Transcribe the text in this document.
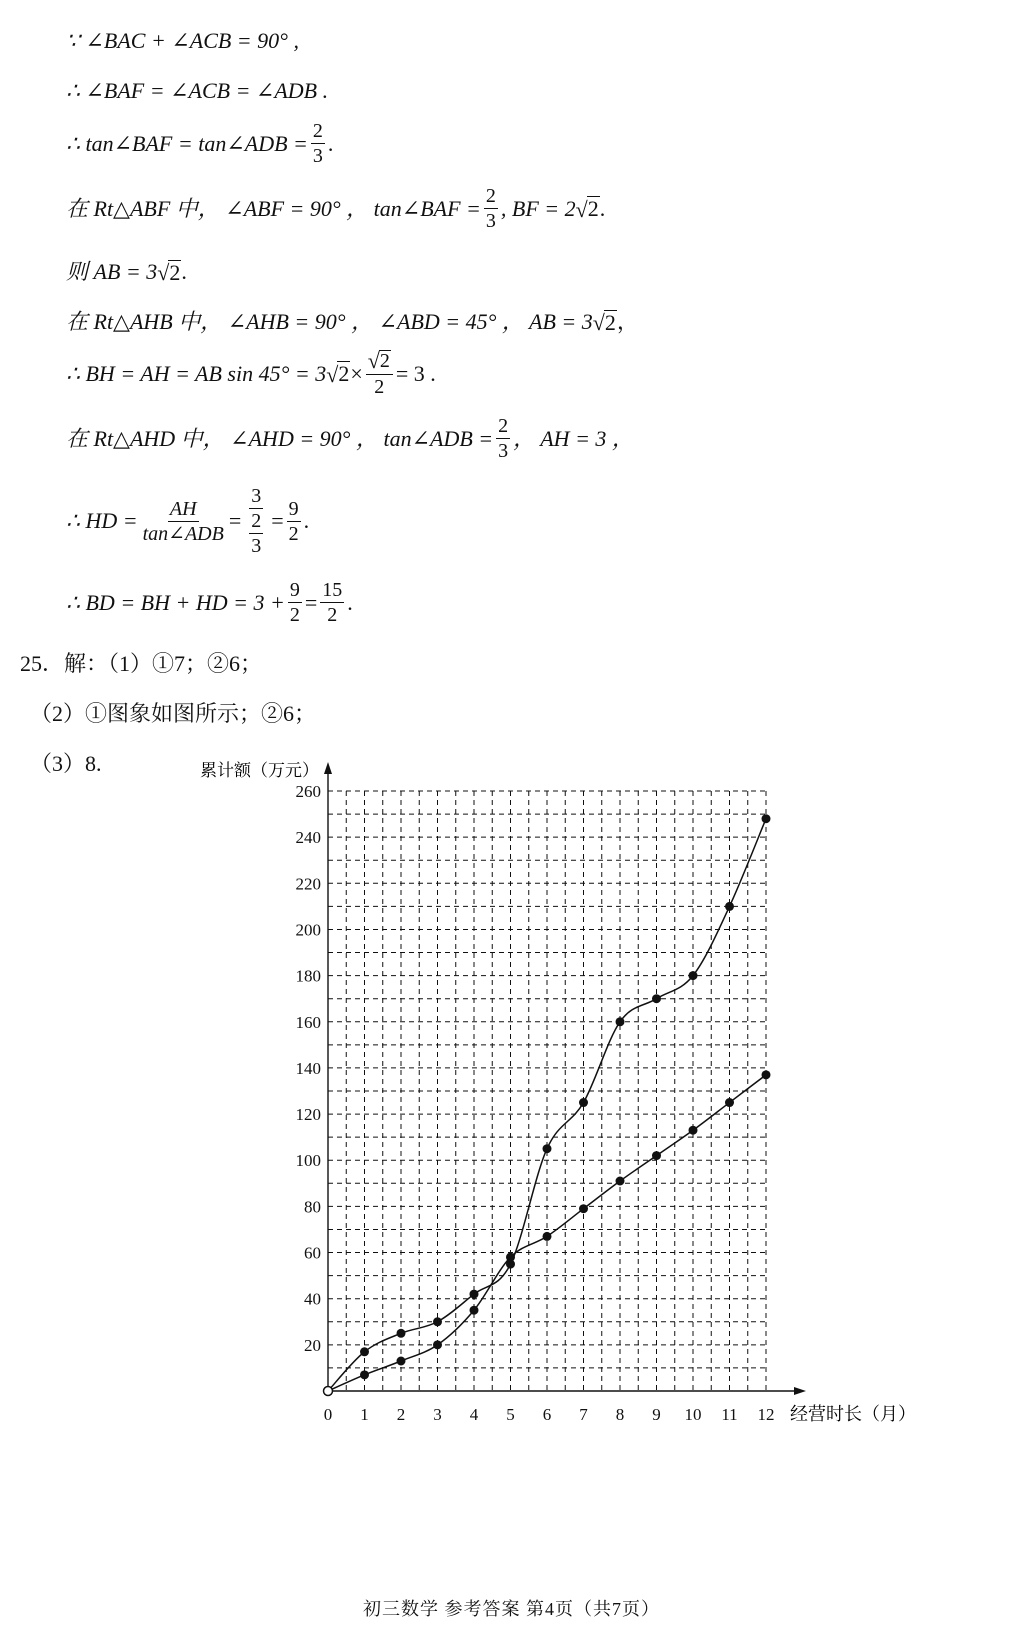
∵ ∠BAC + ∠ACB = 90° ,
∴ ∠BAF = ∠ACB = ∠ADB .
∴ tan∠BAF = tan∠ADB = $\frac{2}{3}$ .
在 Rt△ABF 中， ∠ABF = 90° ， tan∠BAF = $\frac{2}{3}$ , BF = 2 √ 2 .
则 AB = 3 √ 2 .
在 Rt△AHB 中， ∠AHB = 90° ， ∠ABD = 45° ， AB = 3 √ 2 ，
∴ BH = AH = AB sin 45° = 3 √ $2 \times \frac{√ 2}{2} = 3$ .
在 Rt△AHD 中， ∠AHD = 90° ， tan∠ADB = $\frac{2}{3}$ ， AH = 3 ，
∴ HD = $\frac{AH}{\text{tan∠ADB}} = \frac{3}{\frac{2}{3}} = \frac{9}{2}$ .
∴ BD = BH + HD = $3 + \frac{9}{2} = \frac{15}{2}$ .
25．解：（1）①7；②6；
（2）①图象如图所示；②6；
（3）8.
0 1 2 3 4 5 6 7 8 9 10 11 12
20
40
60
80
100
120
140
160
180
200
220
240
260
累计额（万元）
经营时长（月）
初三数学 参考答案 第4页（共7页）
